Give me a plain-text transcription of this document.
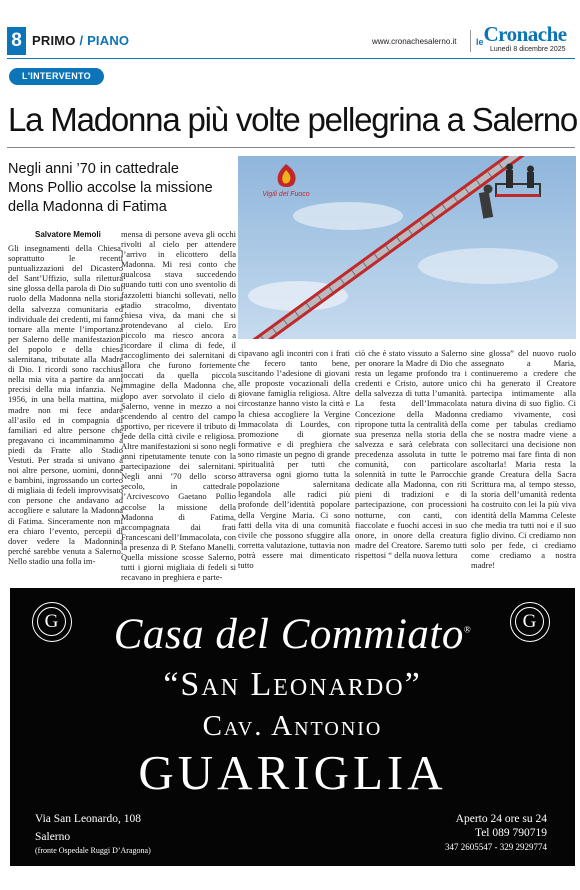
8 PRIMO / PIANO	www.cronachesalerno.it leCronache
Lunedì 8 dicembre 2025
L'INTERVENTO
La Madonna più volte pellegrina a Salerno
Negli anni ’70 in cattedrale
Mons Pollio accolse la missione
della Madonna di Fatima
Salvatore Memoli
Vigili del Fuoco
Gli insegnamenti della Chiesa, soprattutto le recenti puntualizzazioni del Dicastero del Sant’Uffizio, sulla rilettura sine glossa della parola di Dio sul ruolo della Madonna nella storia della salvezza comunitaria ed individuale dei credenti, mi fanno tornare alla mente l’importanza per Salerno delle manifestazioni del popolo e della chiesa salernitana, tributate alla Madre di Dio. I ricordi sono racchiusi nella mia vita a partire da anni precisi della mia infanzia. Nel 1956, in una bella mattina, mia madre non mi fece andare all’asilo ed in compagnia di familiari ed altre persone che pregavano ci incamminammo a piedi da Fratte allo Stadio Vestuti. Per strada si univano a noi altre persone, uomini, donne e bambini, ingrossando un corteo di migliaia di fedeli improvvisato con persone che andavano ad accogliere e salutare la Madonna di Fatima. Sinceramente non mi era chiaro l’evento, percepii di dover vedere la Madonnina perché sarebbe venuta a Salerno. Nello stadio una folla im-
mensa di persone aveva gli occhi rivolti al cielo per attendere l’arrivo in elicottero della Madonna. Mi resi conto che qualcosa stava succedendo quando tutti con uno sventolio di fazzoletti bianchi sollevati, nello stadio stracolmo, diventato chiesa viva, da mani che si protendevano al cielo. Ero piccolo ma riesco ancora a ricordare il clima di fede, il raccoglimento dei salernitani di allora che furono fortemente toccati da quella piccola immagine della Madonna che, dopo aver sorvolato il cielo di Salerno, venne in mezzo a noi scendendo al centro del campo sportivo, per ricevere il tributo di fede della città civile e religiosa. Altre manifestazioni si sono negli anni ripetutamente tenute con la partecipazione dei salernitani. Negli anni ’70 dello scorso secolo, in cattedrale l’Arcivescovo Gaetano Pollio accolse la missione della Madonna di Fatima, accompagnata dai frati Francescani dell’Immacolata, con la presenza di P. Stefano Manelli. Quella missione scosse Salerno, tutti i giorni migliaia di fedeli si recavano in preghiera e parte-
cipavano agli incontri con i frati che fecero tanto bene, suscitando l’adesione di giovani alle proposte vocazionali della giovane famiglia religiosa. Altre circostanze hanno visto la città e la chiesa accogliere la Vergine Immacolata di Lourdes, con promozione di giornate formative e di preghiera che sono rimaste un pegno di grande spiritualità per tutti che attraversa ogni giorno tutta la popolazione salernitana legandola alle radici più profonde dell’identità popolare della Vergine Maria. Ci sono fatti della vita di una comunità civile che possono sfuggire alla corretta valutazione, tuttavia non potrà essere mai dimenticato tutto
ciò che è stato vissuto a Salerno per onorare la Madre di Dio che resta un legame profondo tra i credenti e Cristo, autore unico della salvezza di tutta l’umanità. La festa dell’Immacolata Concezione della Madonna ripropone tutta la centralità della sua presenza nella storia della salvezza e sarà celebrata con precedenza assoluta in tutte le comunità, con particolare solennità in tutte le Parrocchie dedicate alla Madonna, con riti pieni di tradizioni e di partecipazione, con processioni notturne, con canti, con fiaccolate e fuochi accesi in suo onore, in onore della creatura madre del Creatore. Saremo tutti rispettosi “ della nuova lettura
sine glossa” del nuovo ruolo assegnato a Maria, continueremo a credere che chi ha generato il Creatore partecipa intimamente alla natura divina di suo figlio. Ci crediamo vivamente, così come per tabulas crediamo che se nostra madre viene a sollecitarci una decisione non potremo mai fare finta di non ascoltarla! Maria resta la grande Creatura della Sacra Scrittura ma, al tempo stesso, la storia dell’umanità redenta ha costruito con lei la più viva identità della Mamma Celeste che media tra tutti noi e il suo figlio divino. Ci crediamo non solo per fede, ci crediamo come crediamo a nostra madre!
G	G
Casa del Commiato®
“San Leonardo”
Cav. Antonio
GUARIGLIA
Via San Leonardo, 108
Salerno
(fronte Ospedale Ruggi D’Aragona)
Aperto 24 ore su 24
Tel 089 790719
347 2605547 - 329 2929774
